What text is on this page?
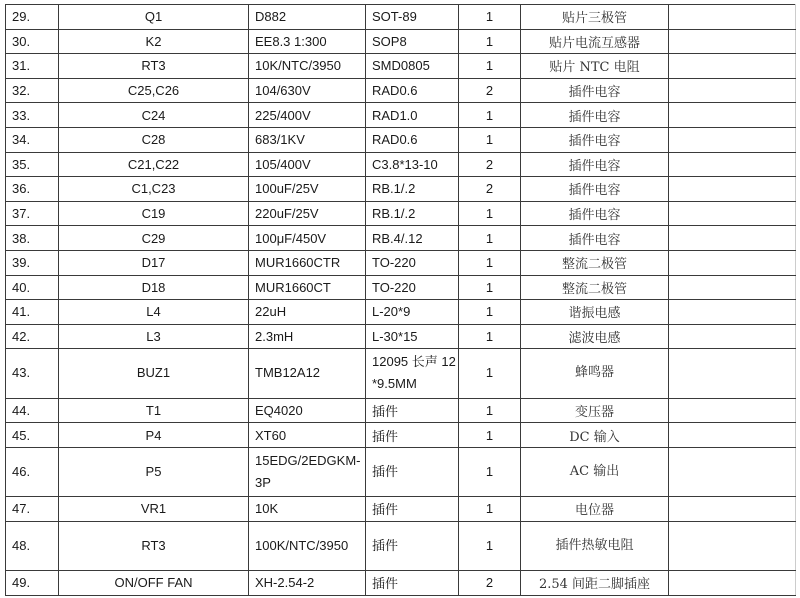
29.	Q1	D882	SOT-89	1	贴片三极管	
30.	K2	EE8.3 1:300	SOP8	1	贴片电流互感器	
31.	RT3	10K/NTC/3950	SMD0805	1	贴片 NTC 电阻	
32.	C25,C26	104/630V	RAD0.6	2	插件电容	
33.	C24	225/400V	RAD1.0	1	插件电容	
34.	C28	683/1KV	RAD0.6	1	插件电容	
35.	C21,C22	105/400V	C3.8*13-10	2	插件电容	
36.	C1,C23	100uF/25V	RB.1/.2	2	插件电容	
37.	C19	220uF/25V	RB.1/.2	1	插件电容	
38.	C29	100μF/450V	RB.4/.12	1	插件电容	
39.	D17	MUR1660CTR	TO-220	1	整流二极管	
40.	D18	MUR1660CT	TO-220	1	整流二极管	
41.	L4	22uH	L-20*9	1	谐振电感	
42.	L3	2.3mH	L-30*15	1	滤波电感	
43.	BUZ1	TMB12A12	12095 长声 12*9.5MM	1	蜂鸣器	
44.	T1	EQ4020	插件	1	变压器	
45.	P4	XT60	插件	1	DC 输入	
46.	P5	15EDG/2EDGKM-3P	插件	1	AC 输出	
47.	VR1	10K	插件	1	电位器	
48.	RT3	100K/NTC/3950	插件	1	插件热敏电阻	
49.	ON/OFF FAN	XH-2.54-2	插件	2	2.54 间距二脚插座	
